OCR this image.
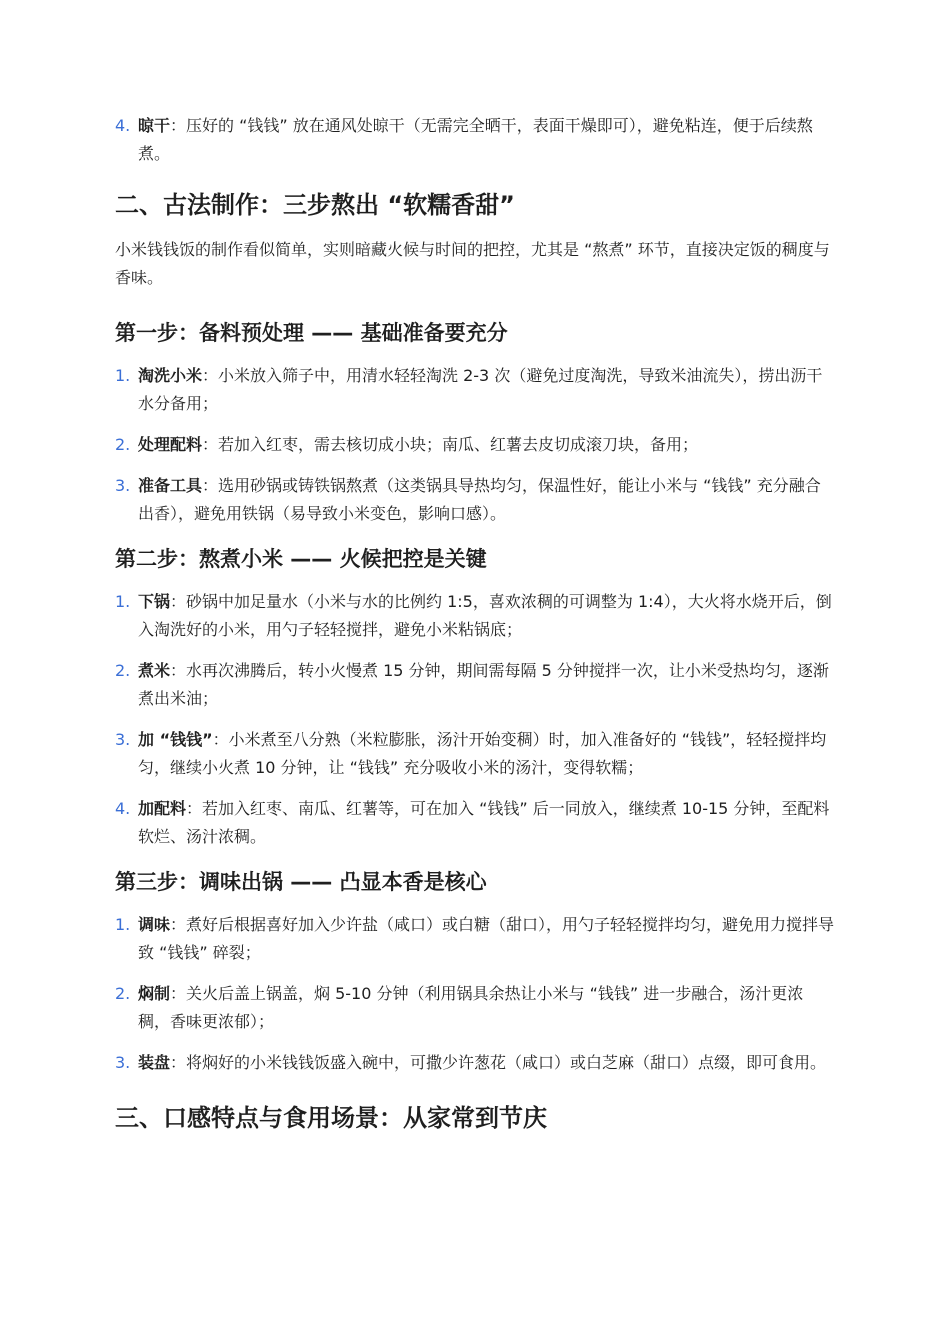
4. 晾干：压好的 “钱钱” 放在通风处晾干（无需完全晒干，表面干燥即可），避免粘连，便于后续熬煮。
二、古法制作：三步熬出 “软糯香甜”

小米钱钱饭的制作看似简单，实则暗藏火候与时间的把控，尤其是 “熬煮” 环节，直接决定饭的稠度与香味。

第一步：备料预处理 —— 基础准备要充分
1. 淘洗小米：小米放入筛子中，用清水轻轻淘洗 2-3 次（避免过度淘洗，导致米油流失），捞出沥干水分备用；
2. 处理配料：若加入红枣，需去核切成小块；南瓜、红薯去皮切成滚刀块，备用；
3. 准备工具：选用砂锅或铸铁锅熬煮（这类锅具导热均匀，保温性好，能让小米与 “钱钱” 充分融合出香），避免用铁锅（易导致小米变色，影响口感）。
第二步：熬煮小米 —— 火候把控是关键
1. 下锅：砂锅中加足量水（小米与水的比例约 1:5，喜欢浓稠的可调整为 1:4），大火将水烧开后，倒入淘洗好的小米，用勺子轻轻搅拌，避免小米粘锅底；
2. 煮米：水再次沸腾后，转小火慢煮 15 分钟，期间需每隔 5 分钟搅拌一次，让小米受热均匀，逐渐煮出米油；
3. 加 “钱钱”：小米煮至八分熟（米粒膨胀，汤汁开始变稠）时，加入准备好的 “钱钱”，轻轻搅拌均匀，继续小火煮 10 分钟，让 “钱钱” 充分吸收小米的汤汁，变得软糯；
4. 加配料：若加入红枣、南瓜、红薯等，可在加入 “钱钱” 后一同放入，继续煮 10-15 分钟，至配料软烂、汤汁浓稠。
第三步：调味出锅 —— 凸显本香是核心
1. 调味：煮好后根据喜好加入少许盐（咸口）或白糖（甜口），用勺子轻轻搅拌均匀，避免用力搅拌导致 “钱钱” 碎裂；
2. 焖制：关火后盖上锅盖，焖 5-10 分钟（利用锅具余热让小米与 “钱钱” 进一步融合，汤汁更浓稠，香味更浓郁）；
3. 装盘：将焖好的小米钱钱饭盛入碗中，可撒少许葱花（咸口）或白芝麻（甜口）点缀，即可食用。
三、口感特点与食用场景：从家常到节庆
